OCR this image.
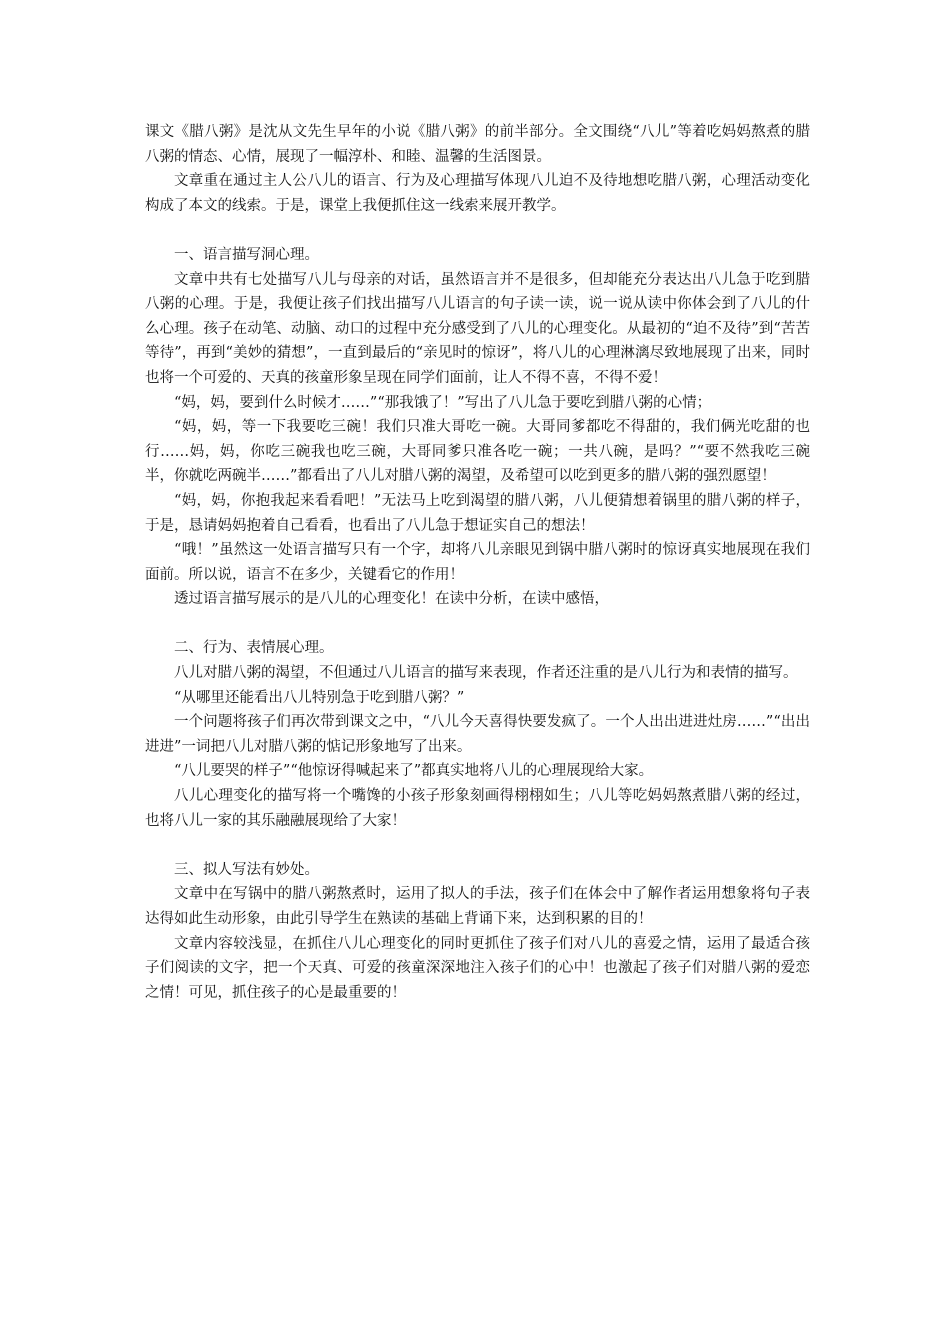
课文《腊八粥》是沈从文先生早年的小说《腊八粥》的前半部分。全文围绕“八儿”等着吃妈妈熬煮的腊八粥的情态、心情，展现了一幅淳朴、和睦、温馨的生活图景。

文章重在通过主人公八儿的语言、行为及心理描写体现八儿迫不及待地想吃腊八粥，心理活动变化构成了本文的线索。于是，课堂上我便抓住这一线索来展开教学。

一、语言描写洞心理。

文章中共有七处描写八儿与母亲的对话，虽然语言并不是很多，但却能充分表达出八儿急于吃到腊八粥的心理。于是，我便让孩子们找出描写八儿语言的句子读一读，说一说从读中你体会到了八儿的什么心理。孩子在动笔、动脑、动口的过程中充分感受到了八儿的心理变化。从最初的“迫不及待”到“苦苦等待”，再到“美妙的猜想”，一直到最后的“亲见时的惊讶”，将八儿的心理淋漓尽致地展现了出来，同时也将一个可爱的、天真的孩童形象呈现在同学们面前，让人不得不喜，不得不爱！

“妈，妈，要到什么时候才……”“那我饿了！”写出了八儿急于要吃到腊八粥的心情；

“妈，妈，等一下我要吃三碗！我们只准大哥吃一碗。大哥同爹都吃不得甜的，我们俩光吃甜的也行……妈，妈，你吃三碗我也吃三碗，大哥同爹只准各吃一碗；一共八碗，是吗？”“要不然我吃三碗半，你就吃两碗半……”都看出了八儿对腊八粥的渴望，及希望可以吃到更多的腊八粥的强烈愿望！

“妈，妈，你抱我起来看看吧！”无法马上吃到渴望的腊八粥，八儿便猜想着锅里的腊八粥的样子，于是，恳请妈妈抱着自己看看，也看出了八儿急于想证实自己的想法！

“哦！”虽然这一处语言描写只有一个字，却将八儿亲眼见到锅中腊八粥时的惊讶真实地展现在我们面前。所以说，语言不在多少，关键看它的作用！

透过语言描写展示的是八儿的心理变化！在读中分析，在读中感悟，

二、行为、表情展心理。

八儿对腊八粥的渴望，不但通过八儿语言的描写来表现，作者还注重的是八儿行为和表情的描写。

“从哪里还能看出八儿特别急于吃到腊八粥？”

一个问题将孩子们再次带到课文之中，“八儿今天喜得快要发疯了。一个人出出进进灶房……”“出出进进”一词把八儿对腊八粥的惦记形象地写了出来。

“八儿要哭的样子”“他惊讶得喊起来了”都真实地将八儿的心理展现给大家。

八儿心理变化的描写将一个嘴馋的小孩子形象刻画得栩栩如生；八儿等吃妈妈熬煮腊八粥的经过，也将八儿一家的其乐融融展现给了大家！

三、拟人写法有妙处。

文章中在写锅中的腊八粥熬煮时，运用了拟人的手法，孩子们在体会中了解作者运用想象将句子表达得如此生动形象，由此引导学生在熟读的基础上背诵下来，达到积累的目的！

文章内容较浅显，在抓住八儿心理变化的同时更抓住了孩子们对八儿的喜爱之情，运用了最适合孩子们阅读的文字，把一个天真、可爱的孩童深深地注入孩子们的心中！也激起了孩子们对腊八粥的爱恋之情！可见，抓住孩子的心是最重要的！
